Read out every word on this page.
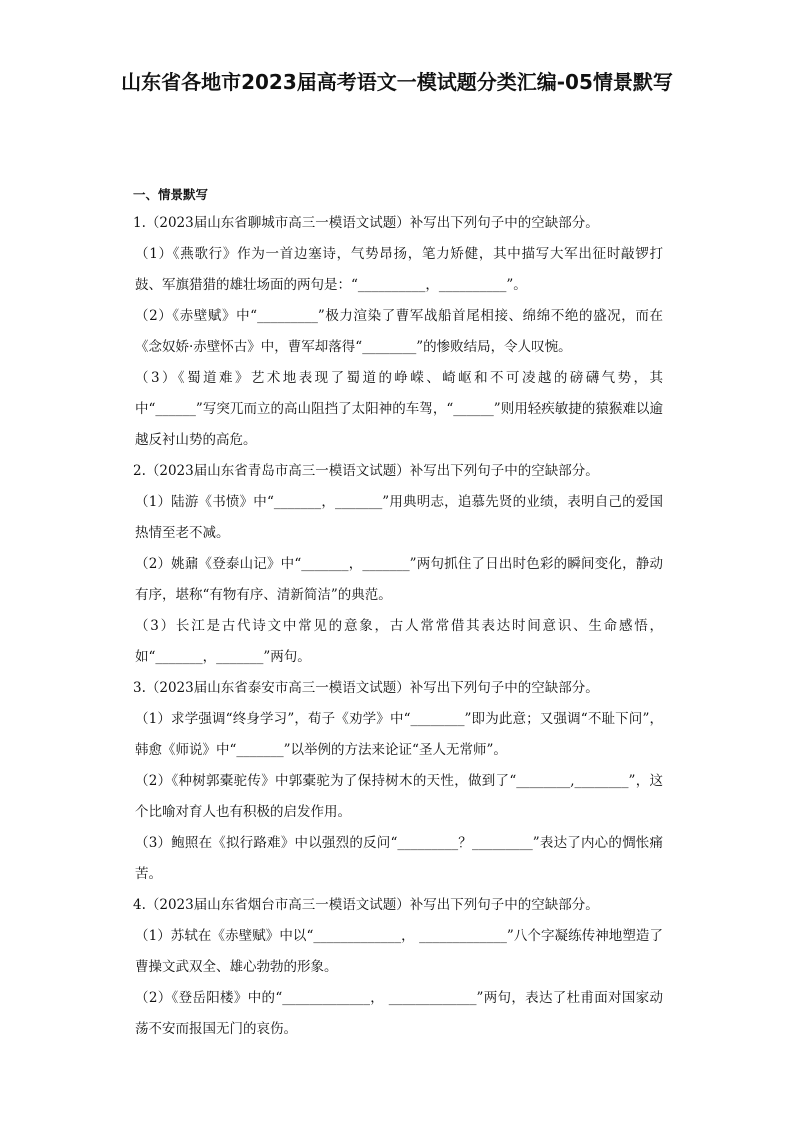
山东省各地市2023届高考语文一模试题分类汇编-05情景默写
一、情景默写
1.（2023届山东省聊城市高三一模语文试题）补写出下列句子中的空缺部分。
（1）《燕歌行》作为一首边塞诗，气势昂扬，笔力矫健，其中描写大军出征时敲锣打鼓、军旗猎猎的雄壮场面的两句是：“__________，__________”。
（2）《赤壁赋》中“_________”极力渲染了曹军战船首尾相接、绵绵不绝的盛况，而在《念奴娇·赤壁怀古》中，曹军却落得“________”的惨败结局，令人叹惋。
（3）《蜀道难》艺术地表现了蜀道的峥嵘、崎岖和不可凌越的磅礴气势，其中“______”写突兀而立的高山阻挡了太阳神的车驾，“______”则用轻疾敏捷的猿猴难以逾越反衬山势的高危。
2.（2023届山东省青岛市高三一模语文试题）补写出下列句子中的空缺部分。
（1）陆游《书愤》中“_______，_______”用典明志，追慕先贤的业绩，表明自己的爱国热情至老不减。
（2）姚鼐《登泰山记》中“_______，_______”两句抓住了日出时色彩的瞬间变化，静动有序，堪称“有物有序、清新简洁”的典范。
（3）长江是古代诗文中常见的意象，古人常常借其表达时间意识、生命感悟，如“_______，_______”两句。
3.（2023届山东省泰安市高三一模语文试题）补写出下列句子中的空缺部分。
（1）求学强调“终身学习”，荀子《劝学》中“________”即为此意；又强调“不耻下问”，韩愈《师说》中“_______”以举例的方法来论证“圣人无常师”。
（2）《种树郭橐驼传》中郭橐驼为了保持树木的天性，做到了“________,________”，这个比喻对育人也有积极的启发作用。
（3）鲍照在《拟行路难》中以强烈的反问“_________？_________”表达了内心的惆怅痛苦。
4.（2023届山东省烟台市高三一模语文试题）补写出下列句子中的空缺部分。
（1）苏轼在《赤壁赋》中以“_____________， _____________”八个字凝练传神地塑造了曹操文武双全、雄心勃勃的形象。
（2）《登岳阳楼》中的“_____________， _____________”两句，表达了杜甫面对国家动荡不安而报国无门的哀伤。
